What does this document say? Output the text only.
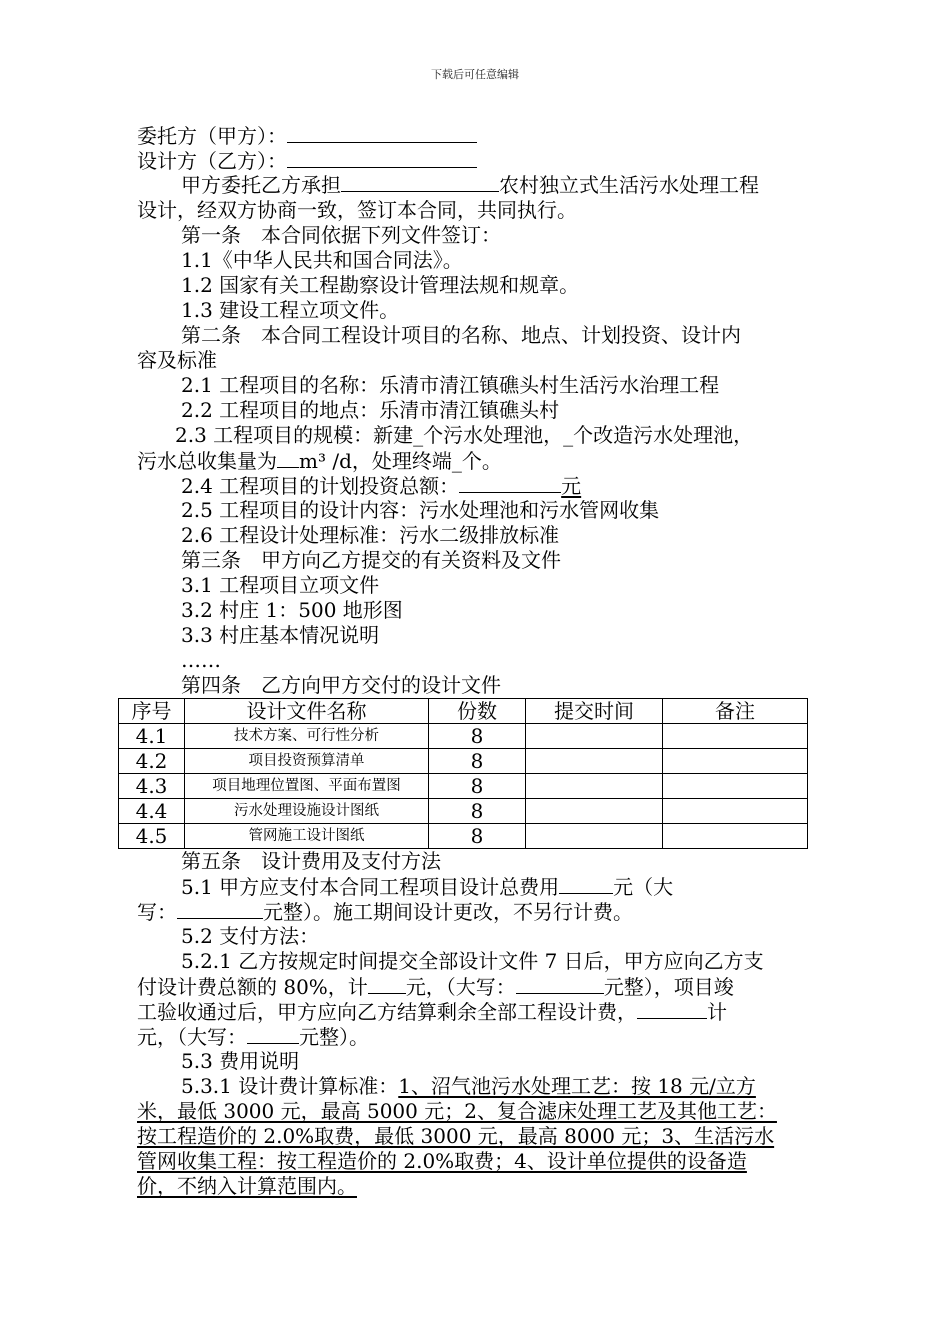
下载后可任意编辑
委托方（甲方）：
设计方（乙方）：
甲方委托乙方承担	农村独立式生活污水处理工程
设计，经双方协商一致，签订本合同，共同执行。
第一条　本合同依据下列文件签订：
1.1《中华人民共和国合同法》。
1.2 国家有关工程勘察设计管理法规和规章。
1.3 建设工程立项文件。
第二条　本合同工程设计项目的名称、地点、计划投资、设计内
容及标准
2.1 工程项目的名称：乐清市清江镇礁头村生活污水治理工程
2.2 工程项目的地点：乐清市清江镇礁头村
2.3 工程项目的规模：新建_个污水处理池，_个改造污水处理池，
污水总收集量为 m³ /d，处理终端_个。
2.4 工程项目的计划投资总额：	元
2.5 工程项目的设计内容：污水处理池和污水管网收集
2.6 工程设计处理标准：污水二级排放标准
第三条　甲方向乙方提交的有关资料及文件
3.1 工程项目立项文件
3.2 村庄 1：500 地形图
3.3 村庄基本情况说明
……
第四条　乙方向甲方交付的设计文件
序号	设计文件名称	份数	提交时间	备注
4.1	技术方案、可行性分析	8		
4.2	项目投资预算清单	8		
4.3	项目地理位置图、平面布置图	8		
4.4	污水处理设施设计图纸	8		
4.5	管网施工设计图纸	8		
第五条　设计费用及支付方法
5.1 甲方应支付本合同工程项目设计总费用	元（大
写：	元整）。施工期间设计更改，不另行计费。
5.2 支付方法：
5.2.1 乙方按规定时间提交全部设计文件 7 日后，甲方应向乙方支
付设计费总额的 80%，计 元，（大写：	元整），项目竣
工验收通过后，甲方应向乙方结算剩余全部工程设计费，	计
元，（大写：	元整）。
5.3 费用说明
5.3.1 设计费计算标准：1、沼气池污水处理工艺：按 18 元/立方
米，最低 3000 元，最高 5000 元；2、复合滤床处理工艺及其他工艺：
按工程造价的 2.0%取费，最低 3000 元，最高 8000 元；3、生活污水
管网收集工程：按工程造价的 2.0%取费；4、设计单位提供的设备造
价，不纳入计算范围内。
